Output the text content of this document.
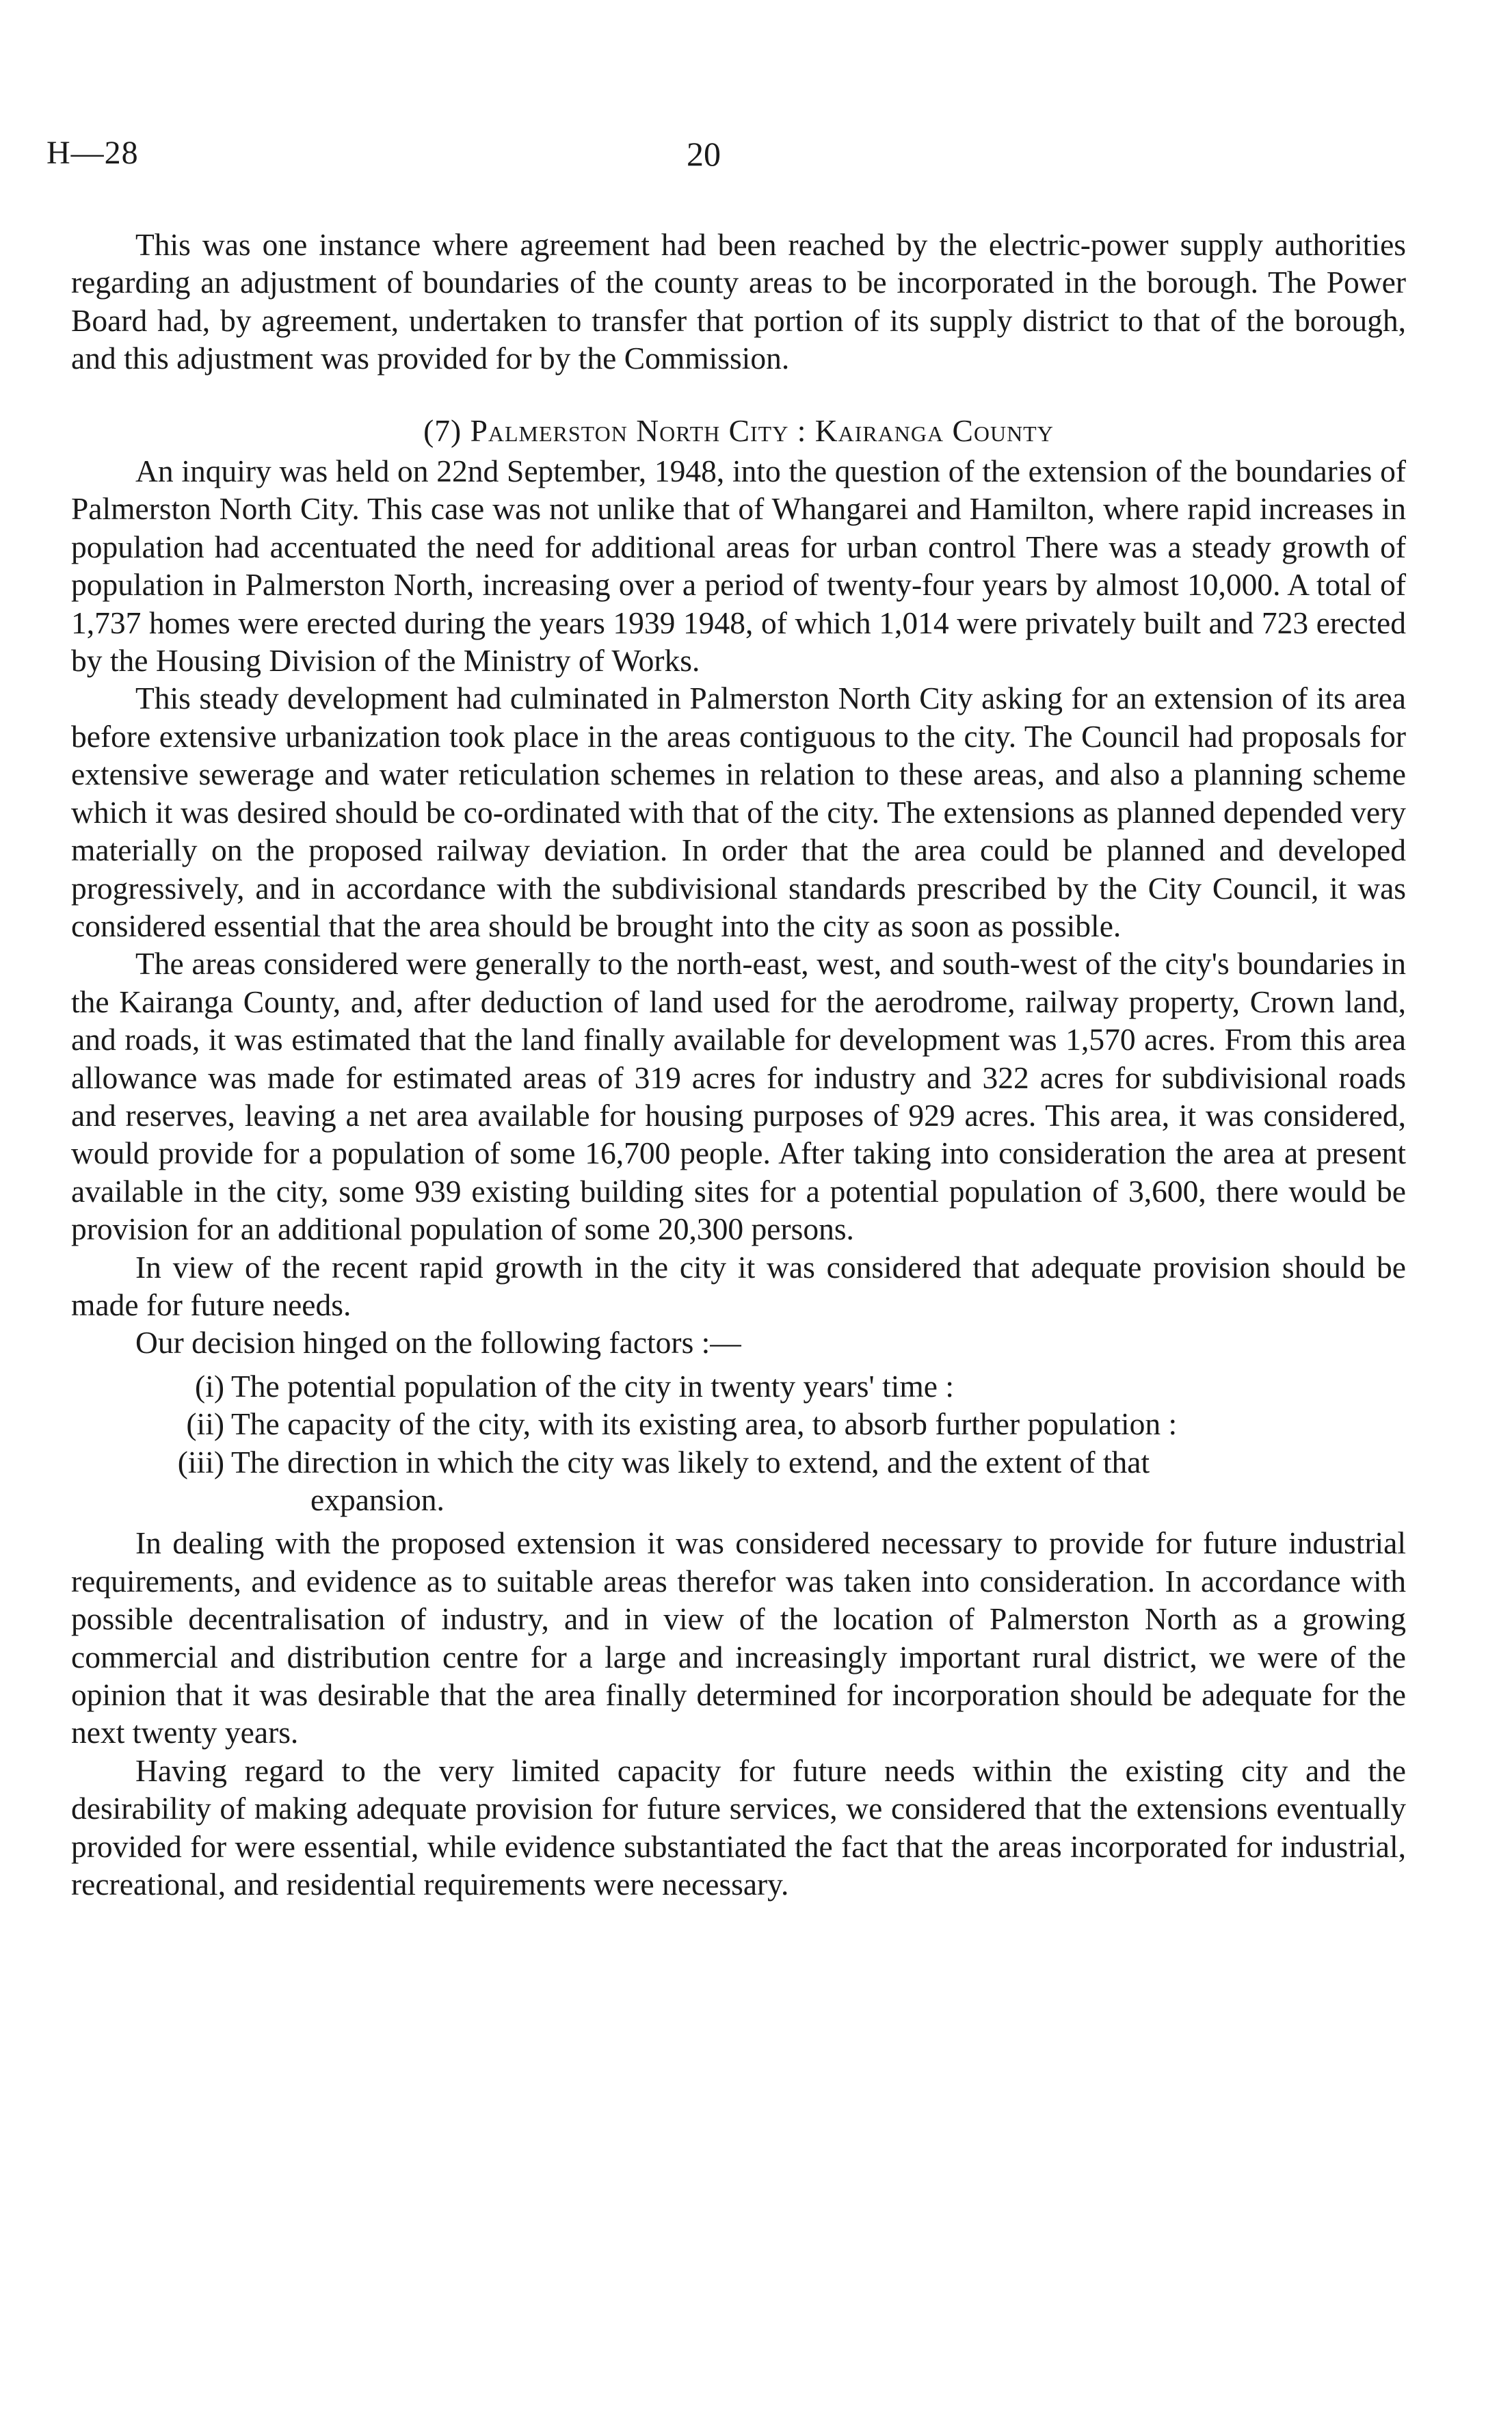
H—28	20

This was one instance where agreement had been reached by the electric-power supply authorities regarding an adjustment of boundaries of the county areas to be incorporated in the borough. The Power Board had, by agreement, undertaken to transfer that portion of its supply district to that of the borough, and this adjustment was provided for by the Commission.

(7) Palmerston North City : Kairanga County

An inquiry was held on 22nd September, 1948, into the question of the extension of the boundaries of Palmerston North City. This case was not unlike that of Whangarei and Hamilton, where rapid increases in population had accentuated the need for additional areas for urban control There was a steady growth of population in Palmerston North, increasing over a period of twenty-four years by almost 10,000. A total of 1,737 homes were erected during the years 1939 1948, of which 1,014 were privately built and 723 erected by the Housing Division of the Ministry of Works.

This steady development had culminated in Palmerston North City asking for an extension of its area before extensive urbanization took place in the areas contiguous to the city. The Council had proposals for extensive sewerage and water reticulation schemes in relation to these areas, and also a planning scheme which it was desired should be co-ordinated with that of the city. The extensions as planned depended very materially on the proposed railway deviation. In order that the area could be planned and developed progressively, and in accordance with the subdivisional standards prescribed by the City Council, it was considered essential that the area should be brought into the city as soon as possible.

The areas considered were generally to the north-east, west, and south-west of the city's boundaries in the Kairanga County, and, after deduction of land used for the aerodrome, railway property, Crown land, and roads, it was estimated that the land finally available for development was 1,570 acres. From this area allowance was made for estimated areas of 319 acres for industry and 322 acres for subdivisional roads and reserves, leaving a net area available for housing purposes of 929 acres. This area, it was considered, would provide for a population of some 16,700 people. After taking into consideration the area at present available in the city, some 939 existing building sites for a potential population of 3,600, there would be provision for an additional population of some 20,300 persons.

In view of the recent rapid growth in the city it was considered that adequate provision should be made for future needs.

Our decision hinged on the following factors :—

(i) The potential population of the city in twenty years' time :
(ii) The capacity of the city, with its existing area, to absorb further population :
(iii) The direction in which the city was likely to extend, and the extent of that
expansion.

In dealing with the proposed extension it was considered necessary to provide for future industrial requirements, and evidence as to suitable areas therefor was taken into consideration. In accordance with possible decentralisation of industry, and in view of the location of Palmerston North as a growing commercial and distribution centre for a large and increasingly important rural district, we were of the opinion that it was desirable that the area finally determined for incorporation should be adequate for the next twenty years.

Having regard to the very limited capacity for future needs within the existing city and the desirability of making adequate provision for future services, we considered that the extensions eventually provided for were essential, while evidence substantiated the fact that the areas incorporated for industrial, recreational, and residential requirements were necessary.
